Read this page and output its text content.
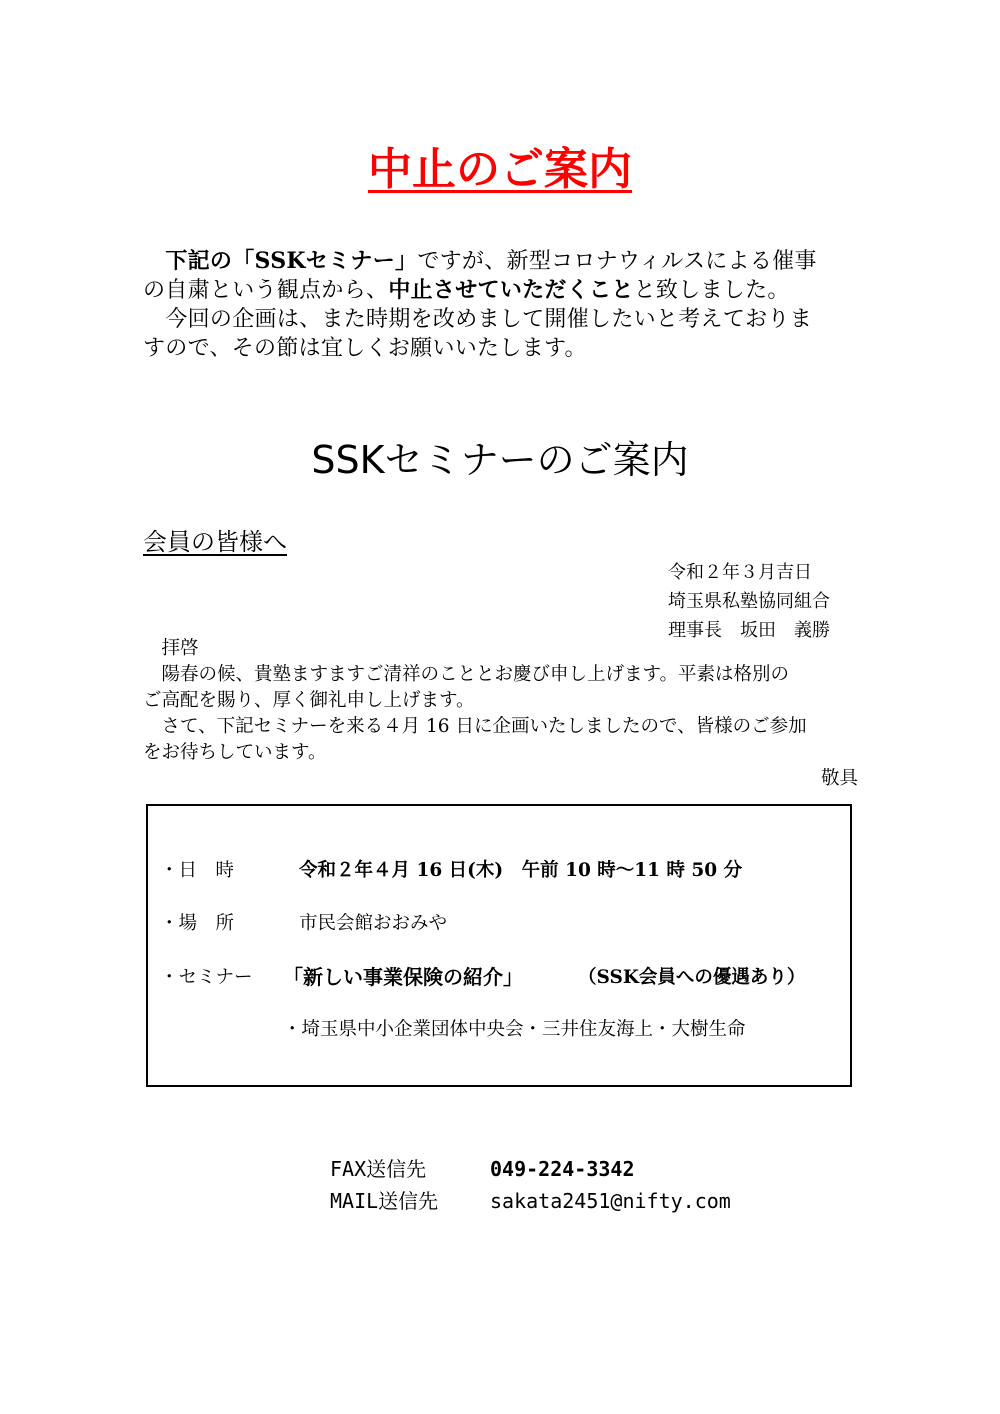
中止のご案内
　下記の「SSKセミナー」ですが、新型コロナウィルスによる催事
の自粛という観点から、中止させていただくことと致しました。
　今回の企画は、また時期を改めまして開催したいと考えておりま
すので、その節は宜しくお願いいたします。
SSKセミナーのご案内
会員の皆様へ
令和２年３月吉日
埼玉県私塾協同組合
理事長　坂田　義勝
　拝啓
　陽春の候、貴塾ますますご清祥のこととお慶び申し上げます。平素は格別の
ご高配を賜り、厚く御礼申し上げます。
　さて、下記セミナーを来る４月 16 日に企画いたしましたので、皆様のご参加
をお待ちしています。
敬具
・日　時	令和２年４月 16 日(木)　午前 10 時〜11 時 50 分
・場　所	市民会館おおみや
・セミナー 「新しい事業保険の紹介」	（SSK会員への優遇あり）
・埼玉県中小企業団体中央会・三井住友海上・大樹生命
FAX送信先	049-224-3342
MAIL送信先	sakata2451@nifty.com
